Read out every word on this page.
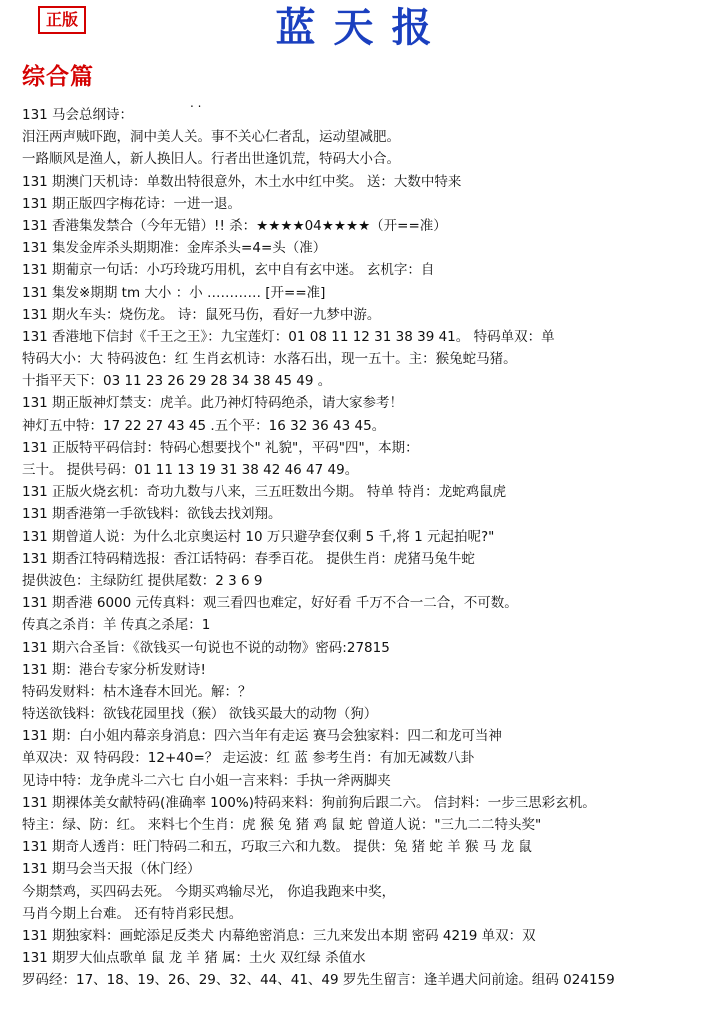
正版	蓝天报
综合篇
. .
131 马会总纲诗：
泪汪两声贼吓跑，洞中美人关。事不关心仁者乱，运动望减肥。
一路顺风是渔人，新人换旧人。行者出世逢饥荒，特码大小合。
131 期澳门天机诗：单数出特很意外，木土水中红中奖。 送：大数中特来
131 期正版四字梅花诗：一进一退。
131 香港集发禁合（今年无错）!! 杀：★★★★04★★★★（开==准）
131 集发金库杀头期期准：金库杀头=4=头（准）
131 期葡京一句话：小巧玲珑巧用机，玄中自有玄中迷。 玄机字：自
131 集发※期期 tm 大小 ：小 ………… [开==准]
131 期火车头：烧伤龙。 诗：鼠死马伤，看好一九梦中游。
131 香港地下信封《千王之王》：九宝莲灯：01 08 11 12 31 38 39 41。 特码单双：单
特码大小：大 特码波色：红 生肖玄机诗：水落石出，现一五十。主：猴兔蛇马猪。
十指平天下：03 11 23 26 29 28 34 38 45 49 。
131 期正版神灯禁支：虎羊。此乃神灯特码绝杀，请大家参考！
神灯五中特：17 22 27 43 45 .五个平：16 32 36 43 45。
131 正版特平码信封：特码心想要找个" 礼貌"，平码"四"，本期：
三十。 提供号码：01 11 13 19 31 38 42 46 47 49。
131 正版火烧玄机：奇功九数与八来，三五旺数出今期。 特单 特肖：龙蛇鸡鼠虎
131 期香港第一手欲钱料：欲钱去找刘翔。
131 期曾道人说：为什么北京奥运村 10 万只避孕套仅剩 5 千,将 1 元起拍呢?"
131 期香江特码精选报：香江话特码：春季百花。 提供生肖：虎猪马兔牛蛇
提供波色：主绿防红 提供尾数：2 3 6 9
131 期香港 6000 元传真料：观三看四也难定，好好看 千万不合一二合，不可数。
传真之杀肖：羊 传真之杀尾：1
131 期六合圣旨：《欲钱买一句说也不说的动物》密码:27815
131 期：港台专家分析发财诗!
特码发财料：枯木逢春木回光。解：？
特送欲钱料：欲钱花园里找（猴） 欲钱买最大的动物（狗）
131 期：白小姐内幕亲身消息：四六当年有走运 赛马会独家料：四二和龙可当神
单双决：双 特码段：12+40=？ 走运波：红 蓝 参考生肖：有加无减数八卦
见诗中特：龙争虎斗二六七 白小姐一言来料：手执一斧两脚夹
131 期裸体美女献特码(准确率 100%)特码来料：狗前狗后跟二六。 信封料：一步三思彩玄机。
特主：绿、防：红。 来料七个生肖：虎 猴 兔 猪 鸡 鼠 蛇 曾道人说："三九二二特头奖"
131 期奇人透肖：旺门特码二和五，巧取三六和九数。 提供：兔 猪 蛇 羊 猴 马 龙 鼠
131 期马会当天报（休门经）
今期禁鸡，买四码去死。 今期买鸡输尽光， 你追我跑来中奖，
马肖今期上台难。 还有特肖彩民想。
131 期独家料：画蛇添足反类犬 内幕绝密消息：三九来发出本期 密码 4219 单双：双
131 期罗大仙点歌单 鼠 龙 羊 猪 属：土火 双红绿 杀值水
罗码经：17、18、19、26、29、32、44、41、49 罗先生留言：逢羊遇犬问前途。组码 024159
